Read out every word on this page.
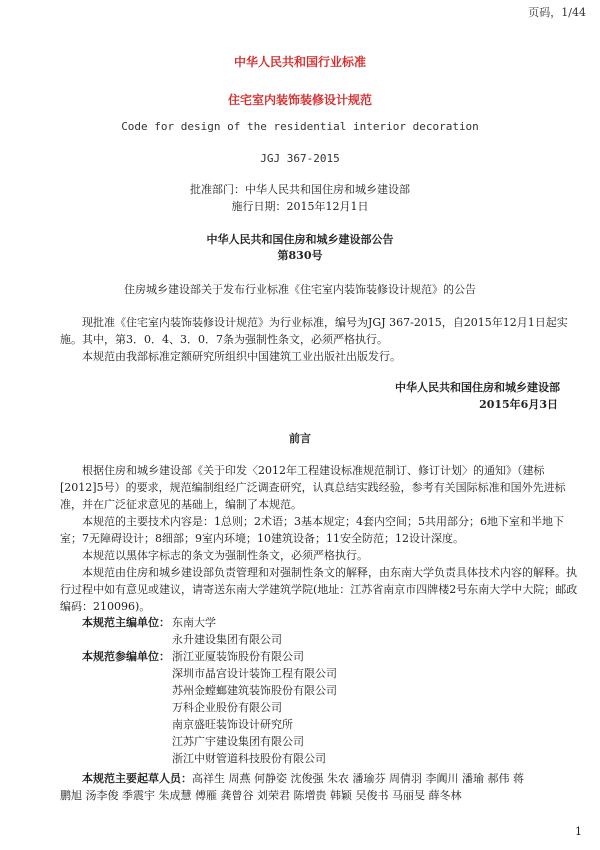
页码，1/44
中华人民共和国行业标准
住宅室内装饰装修设计规范
Code for design of the residential interior decoration
JGJ 367-2015
批准部门：中华人民共和国住房和城乡建设部
施行日期：2015年12月1日
中华人民共和国住房和城乡建设部公告
第830号
住房城乡建设部关于发布行业标准《住宅室内装饰装修设计规范》的公告
现批准《住宅室内装饰装修设计规范》为行业标准，编号为JGJ 367-2015，自2015年12月1日起实施。其中，第3．0．4、3．0．7条为强制性条文，必须严格执行。
本规范由我部标准定额研究所组织中国建筑工业出版社出版发行。
中华人民共和国住房和城乡建设部
2015年6月3日
前言
根据住房和城乡建设部《关于印发〈2012年工程建设标准规范制订、修订计划〉的通知》（建标[2012]5号）的要求，规范编制组经广泛调查研究，认真总结实践经验，参考有关国际标准和国外先进标准，并在广泛征求意见的基础上，编制了本规范。
本规范的主要技术内容是：1总则；2术语；3基本规定；4套内空间；5共用部分；6地下室和半地下室；7无障碍设计；8细部；9室内环境；10建筑设备；11安全防范；12设计深度。
本规范以黑体字标志的条文为强制性条文，必须严格执行。
本规范由住房和城乡建设部负责管理和对强制性条文的解释，由东南大学负责具体技术内容的解释。执行过程中如有意见或建议，请寄送东南大学建筑学院(地址：江苏省南京市四牌楼2号东南大学中大院；邮政编码：210096)。
本规范主编单位： 东南大学
永升建设集团有限公司
本规范参编单位： 浙江亚厦装饰股份有限公司
深圳市晶宫设计装饰工程有限公司
苏州金螳螂建筑装饰股份有限公司
万科企业股份有限公司
南京盛旺装饰设计研究所
江苏广宇建设集团有限公司
浙江中财管道科技股份有限公司
本规范主要起草人员：高祥生 周燕 何静姿 沈俊强 朱农 潘瑜芬 周倩羽 李阗川 潘瑜 郝伟 蒋
鹏旭 汤李俊 季震宇 朱成慧 傅雁 龚曾谷 刘荣君 陈增贵 韩颖 吴俊书 马丽旻 薛冬林
1
